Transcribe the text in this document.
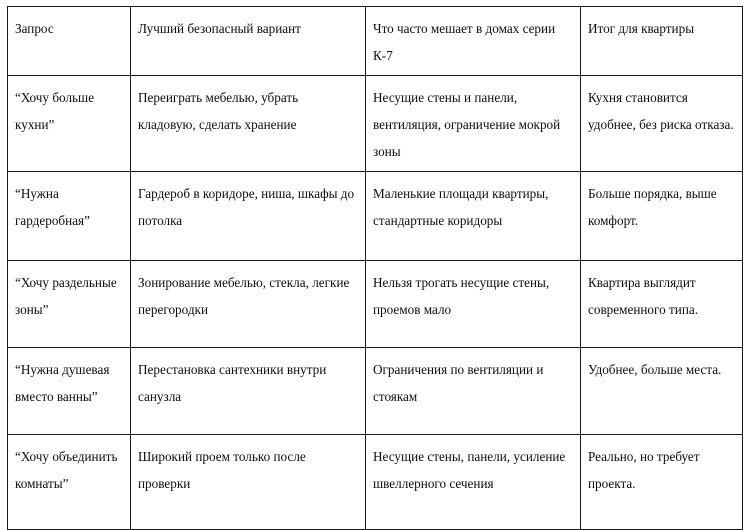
Запрос	Лучший безопасный вариант	Что часто мешает в домах серии К-7	Итог для квартиры

“Хочу больше кухни”	Переиграть мебелью, убрать кладовую, сделать хранение	Несущие стены и панели, вентиляция, ограничение мокрой зоны	Кухня становится удобнее, без риска отказа.

“Нужна гардеробная”	Гардероб в коридоре, ниша, шкафы до потолка	Маленькие площади квартиры, стандартные коридоры	Больше порядка, выше комфорт.

“Хочу раздельные зоны”	Зонирование мебелью, стекла, легкие перегородки	Нельзя трогать несущие стены, проемов мало	Квартира выглядит современного типа.

“Нужна душевая вместо ванны”	Перестановка сантехники внутри санузла	Ограничения по вентиляции и стоякам	Удобнее, больше места.

“Хочу объединить комнаты”	Широкий проем только после проверки	Несущие стены, панели, усиление швеллерного сечения	Реально, но требует проекта.
